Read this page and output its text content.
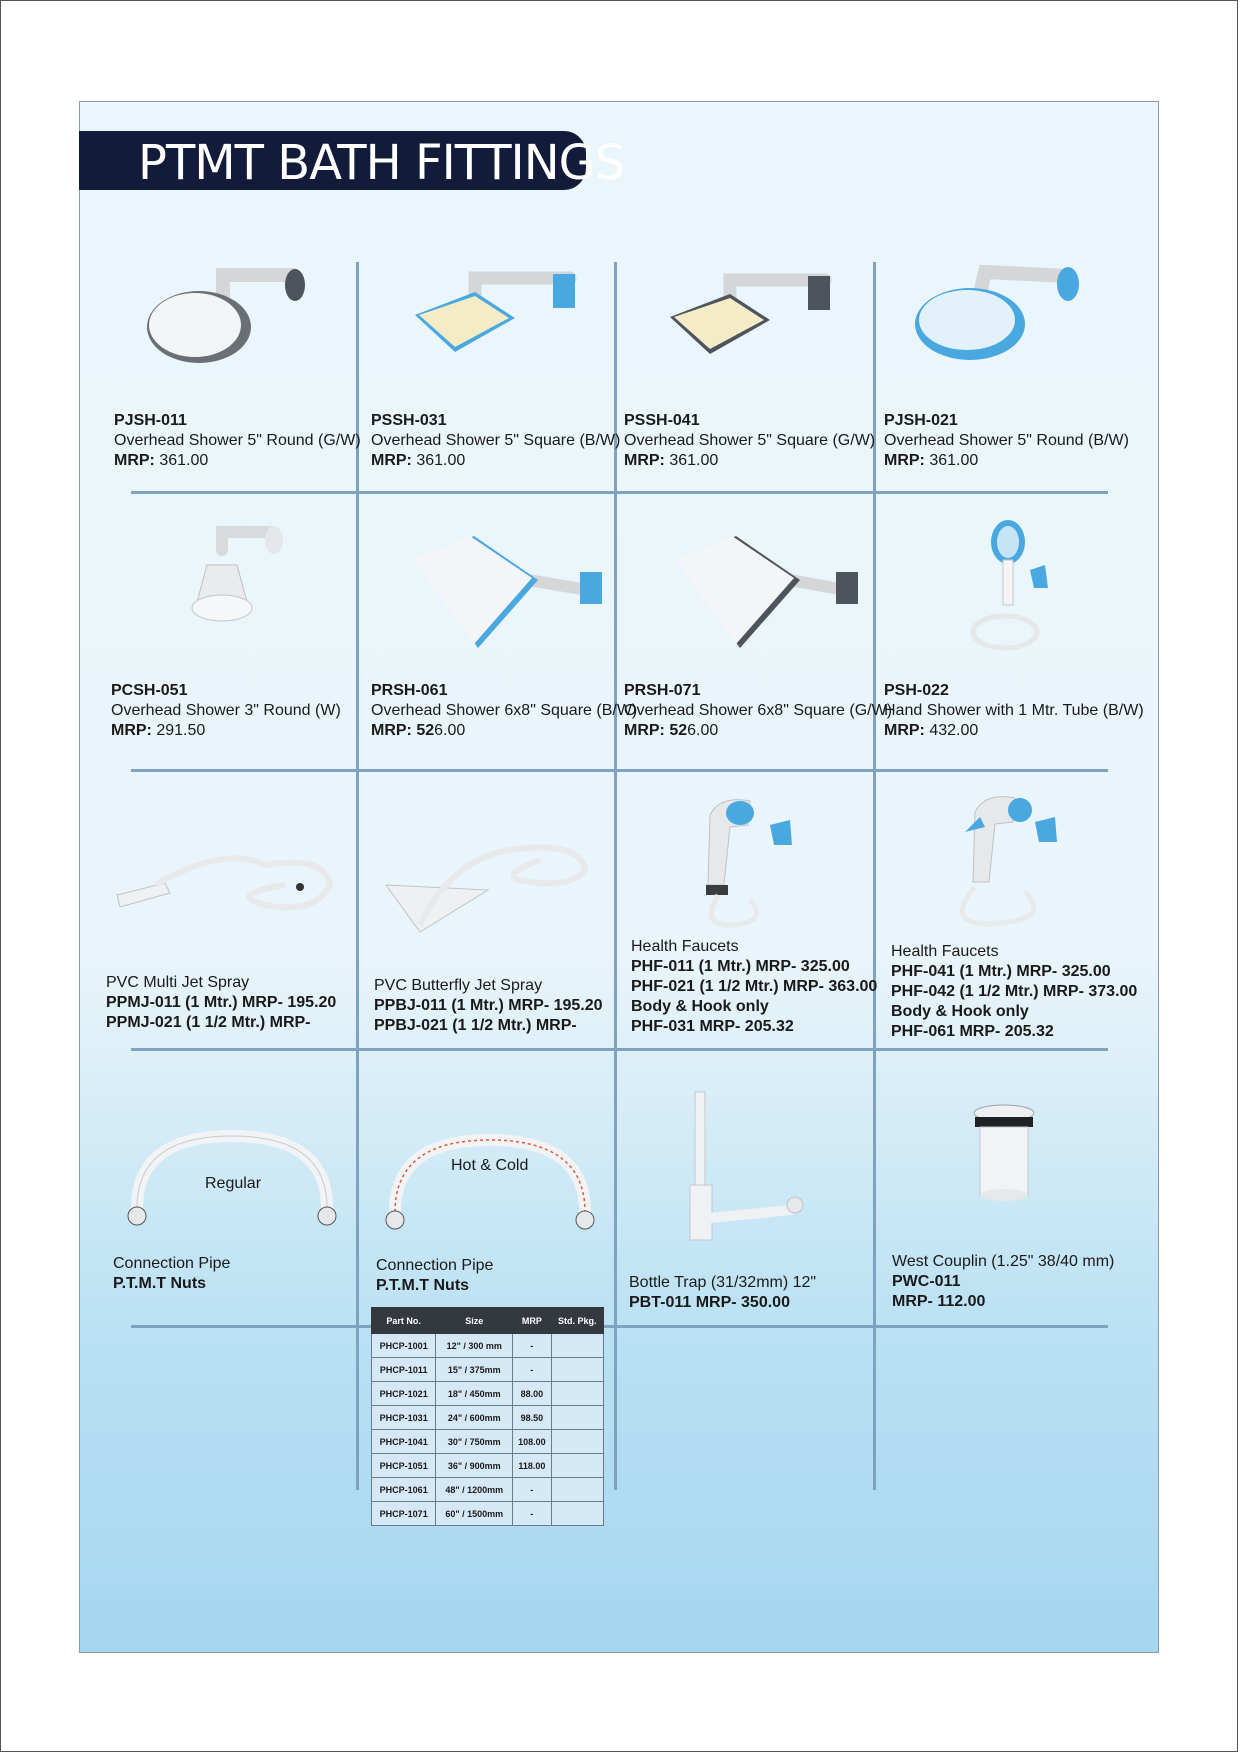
PTMT BATH FITTINGS
PJSH-011
Overhead Shower 5" Round (G/W)
MRP: 361.00
PSSH-031
Overhead Shower 5" Square (B/W)
MRP: 361.00
PSSH-041
Overhead Shower 5" Square (G/W)
MRP: 361.00
PJSH-021
Overhead Shower 5" Round (B/W)
MRP: 361.00
PCSH-051
Overhead Shower 3" Round (W)
MRP: 291.50
PRSH-061
Overhead Shower 6x8" Square (B/W)
MRP: 526.00
PRSH-071
Overhead Shower 6x8" Square (G/W)
MRP: 526.00
PSH-022
Hand Shower with 1 Mtr. Tube (B/W)
MRP: 432.00
PVC Multi Jet Spray
PPMJ-011 (1 Mtr.) MRP- 195.20
PPMJ-021 (1 1/2 Mtr.) MRP-
PVC Butterfly Jet Spray
PPBJ-011 (1 Mtr.) MRP- 195.20
PPBJ-021 (1 1/2 Mtr.) MRP-
Health Faucets
PHF-011 (1 Mtr.) MRP- 325.00
PHF-021 (1 1/2 Mtr.) MRP- 363.00
Body & Hook only
PHF-031 MRP- 205.32
Health Faucets
PHF-041 (1 Mtr.) MRP- 325.00
PHF-042 (1 1/2 Mtr.) MRP- 373.00
Body & Hook only
PHF-061 MRP- 205.32
Regular
Hot & Cold
Connection Pipe
P.T.M.T Nuts
Connection Pipe
P.T.M.T Nuts	Bottle Trap (31/32mm) 12"
PBT-011 MRP- 350.00
West Couplin (1.25" 38/40 mm)
PWC-011
MRP- 112.00
Part No.	Size	MRP	Std. Pkg.
PHCP-1001	12" / 300 mm	-	
PHCP-1011	15" / 375mm	-	
PHCP-1021	18" / 450mm	88.00	
PHCP-1031	24" / 600mm	98.50	
PHCP-1041	30" / 750mm	108.00	
PHCP-1051	36" / 900mm	118.00	
PHCP-1061	48" / 1200mm	-	
PHCP-1071	60" / 1500mm	-	
